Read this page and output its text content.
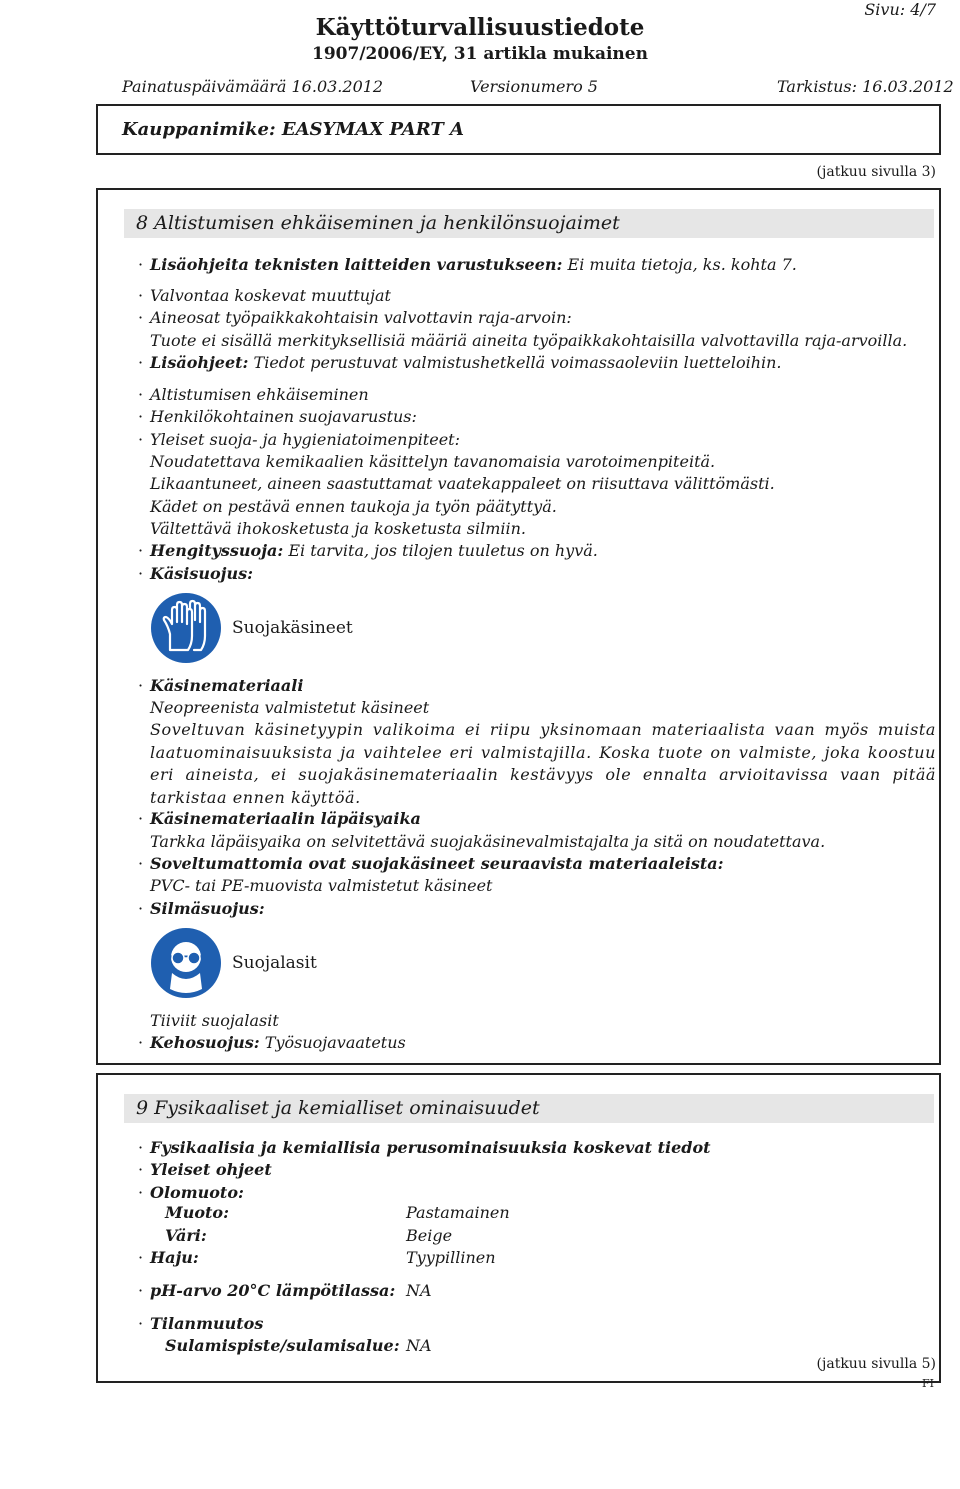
Sivu: 4/7
Käyttöturvallisuustiedote
1907/2006/EY, 31 artikla mukainen
Painatuspäivämäärä 16.03.2012	Versionumero 5	Tarkistus: 16.03.2012
Kauppanimike: EASYMAX PART A
(jatkuu sivulla 3)
8 Altistumisen ehkäiseminen ja henkilönsuojaimet
· Lisäohjeita teknisten laitteiden varustukseen: Ei muita tietoja, ks. kohta 7.
· Valvontaa koskevat muuttujat
· Aineosat työpaikkakohtaisin valvottavin raja-arvoin:
Tuote ei sisällä merkityksellisiä määriä aineita työpaikkakohtaisilla valvottavilla raja-arvoilla.
· Lisäohjeet: Tiedot perustuvat valmistushetkellä voimassaoleviin luetteloihin.
· Altistumisen ehkäiseminen
· Henkilökohtainen suojavarustus:
· Yleiset suoja- ja hygieniatoimenpiteet:
Noudatettava kemikaalien käsittelyn tavanomaisia varotoimenpiteitä.
Likaantuneet, aineen saastuttamat vaatekappaleet on riisuttava välittömästi.
Kädet on pestävä ennen taukoja ja työn päätyttyä.
Vältettävä ihokosketusta ja kosketusta silmiin.
· Hengityssuoja: Ei tarvita, jos tilojen tuuletus on hyvä.
· Käsisuojus:
Suojakäsineet
· Käsinemateriaali
Neopreenista valmistetut käsineet
Soveltuvan käsinetyypin valikoima ei riipu yksinomaan materiaalista vaan myös muista laatuominaisuuksista ja vaihtelee eri valmistajilla. Koska tuote on valmiste, joka koostuu eri aineista, ei suojakäsinemateriaalin kestävyys ole ennalta arvioitavissa vaan pitää tarkistaa ennen käyttöä.
· Käsinemateriaalin läpäisyaika
Tarkka läpäisyaika on selvitettävä suojakäsinevalmistajalta ja sitä on noudatettava.
· Soveltumattomia ovat suojakäsineet seuraavista materiaaleista:
PVC- tai PE-muovista valmistetut käsineet
· Silmäsuojus:
Suojalasit
Tiiviit suojalasit
· Kehosuojus: Työsuojavaatetus
9 Fysikaaliset ja kemialliset ominaisuudet
· Fysikaalisia ja kemiallisia perusominaisuuksia koskevat tiedot
· Yleiset ohjeet
· Olomuoto:
Muoto:	Pastamainen
Väri:	Beige
· Haju:	Tyypillinen
· pH-arvo 20°C lämpötilassa: NA
· Tilanmuutos
Sulamispiste/sulamisalue: NA
(jatkuu sivulla 5)
FI
